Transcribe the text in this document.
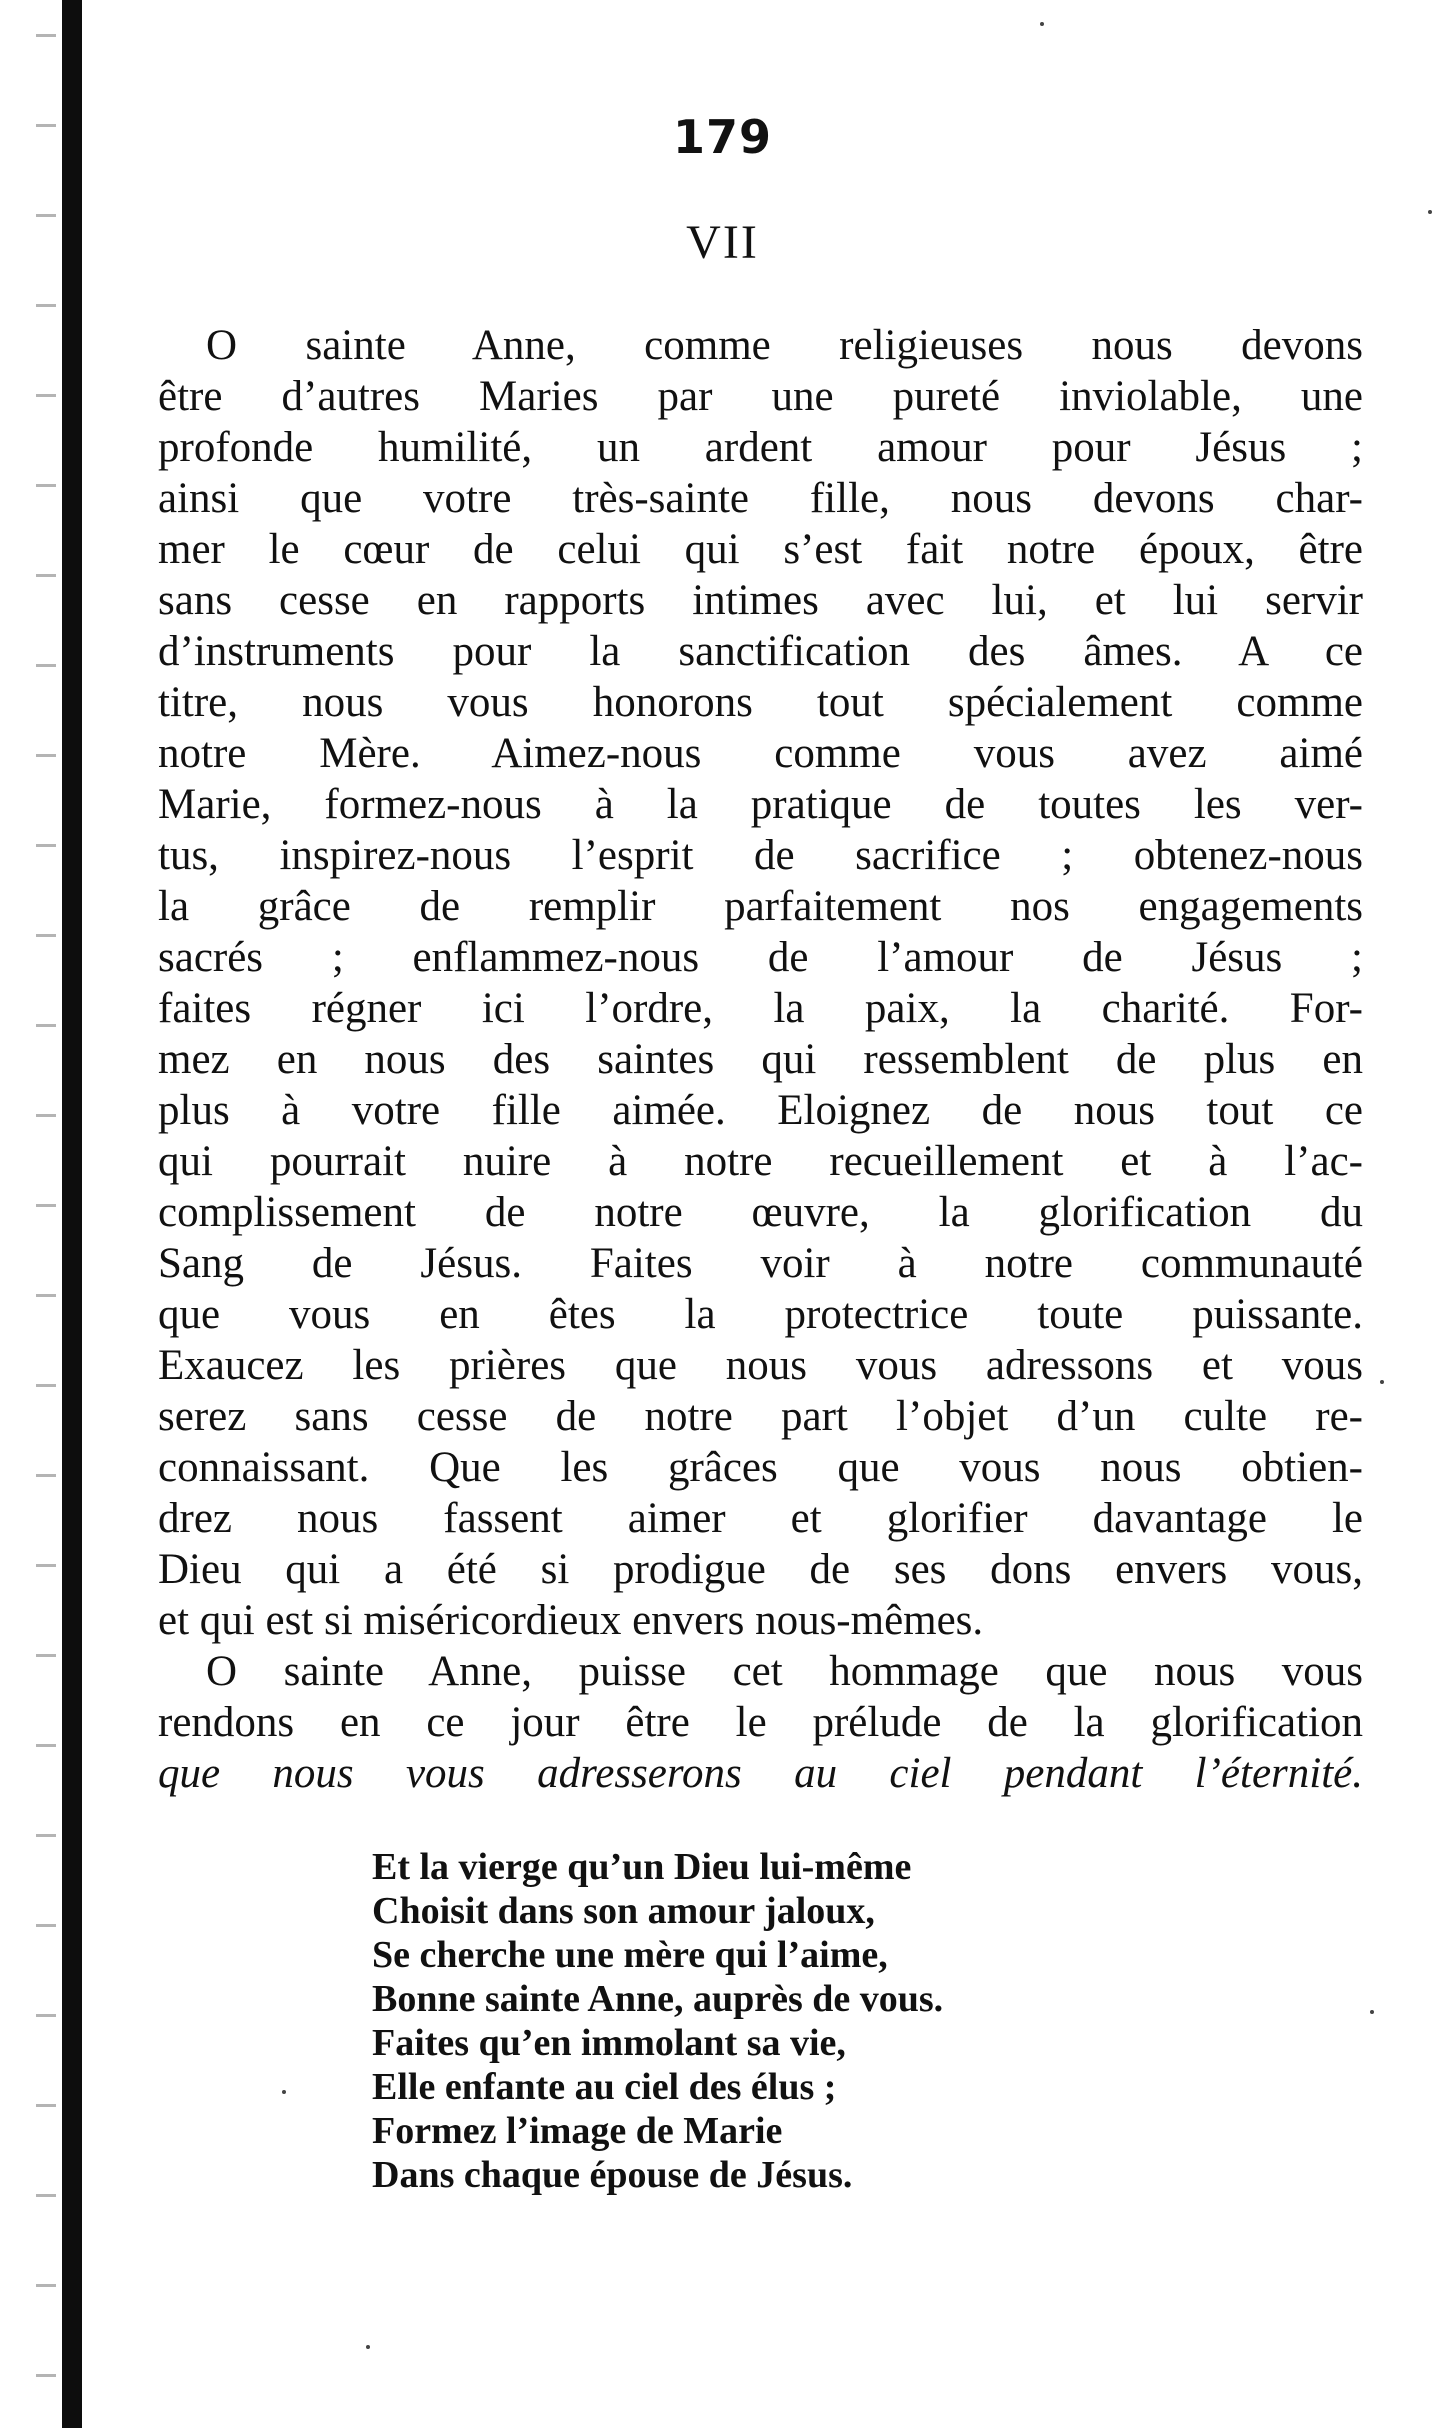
179
VII
O sainte Anne, comme religieuses nous devons
être d’autres Maries par une pureté inviolable, une
profonde humilité, un ardent amour pour Jésus ;
ainsi que votre très-sainte fille, nous devons char-
mer le cœur de celui qui s’est fait notre époux, être
sans cesse en rapports intimes avec lui, et lui servir
d’instruments pour la sanctification des âmes. A ce
titre, nous vous honorons tout spécialement comme
notre Mère. Aimez-nous comme vous avez aimé
Marie, formez-nous à la pratique de toutes les ver-
tus, inspirez-nous l’esprit de sacrifice ; obtenez-nous
la grâce de remplir parfaitement nos engagements
sacrés ; enflammez-nous de l’amour de Jésus ;
faites régner ici l’ordre, la paix, la charité. For-
mez en nous des saintes qui ressemblent de plus en
plus à votre fille aimée. Eloignez de nous tout ce
qui pourrait nuire à notre recueillement et à l’ac-
complissement de notre œuvre, la glorification du
Sang de Jésus. Faites voir à notre communauté
que vous en êtes la protectrice toute puissante.
Exaucez les prières que nous vous adressons et vous
serez sans cesse de notre part l’objet d’un culte re-
connaissant. Que les grâces que vous nous obtien-
drez nous fassent aimer et glorifier davantage le
Dieu qui a été si prodigue de ses dons envers vous,
et qui est si miséricordieux envers nous-mêmes.
O sainte Anne, puisse cet hommage que nous vous
rendons en ce jour être le prélude de la glorification
que nous vous adresserons au ciel pendant l’éternité.
Et la vierge qu’un Dieu lui-même
Choisit dans son amour jaloux,
Se cherche une mère qui l’aime,
Bonne sainte Anne, auprès de vous.
Faites qu’en immolant sa vie,
Elle enfante au ciel des élus ;
Formez l’image de Marie
Dans chaque épouse de Jésus.
